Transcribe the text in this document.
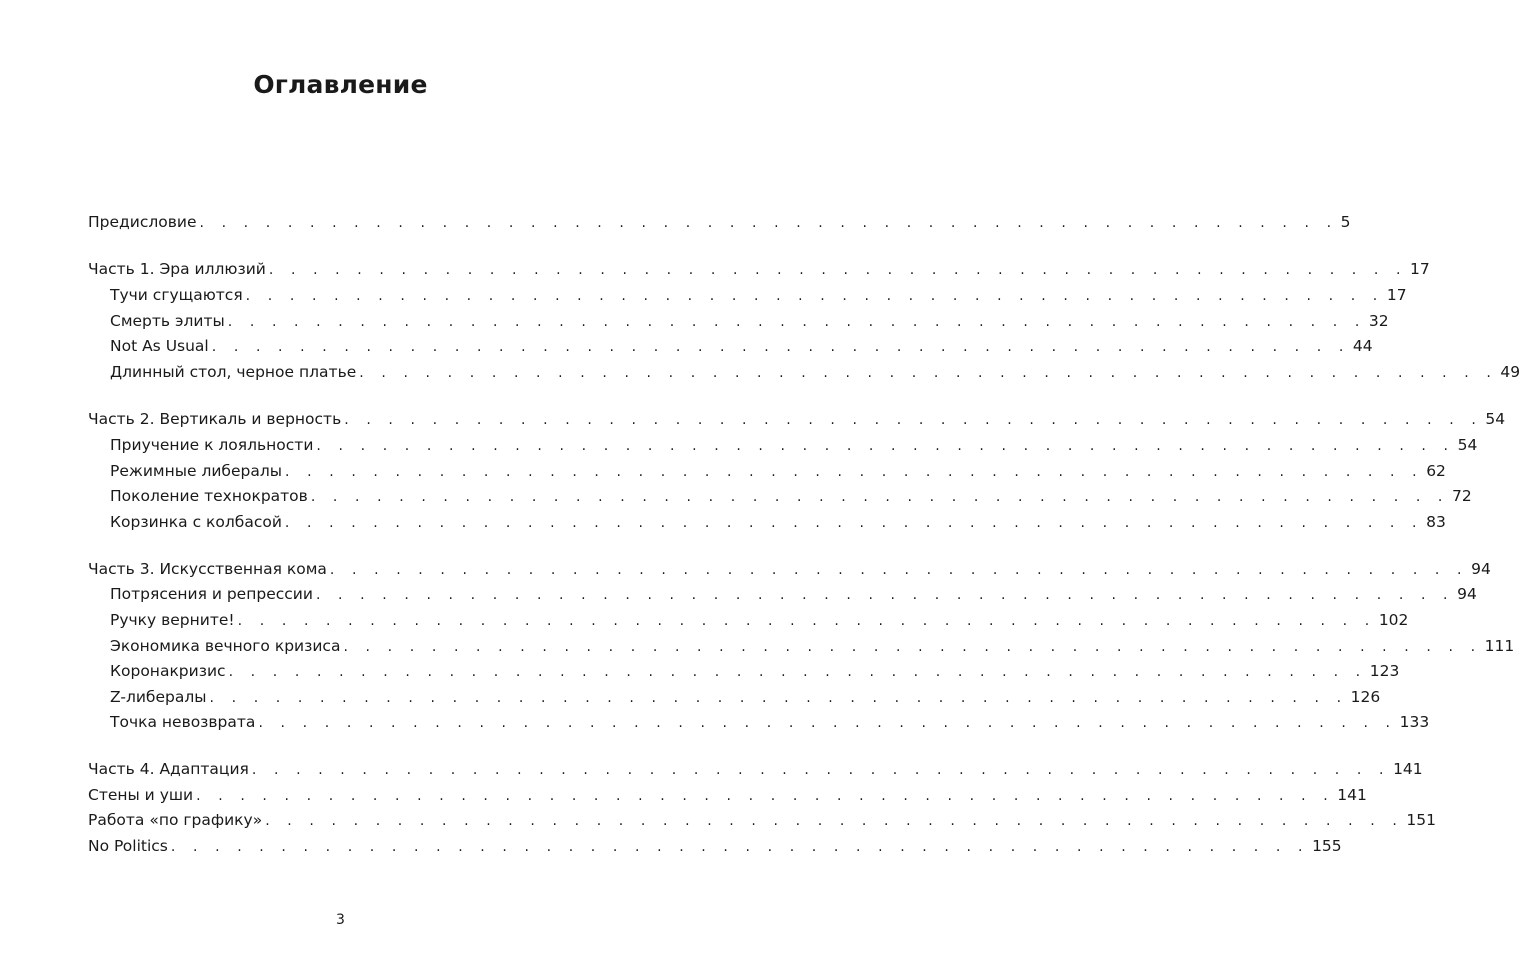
Оглавление
Предисловие . . . . . . . . . . . . . . . . . . . . . . . . . . . . . . . . . . . . . . . . . . . . . . . . . . . . 5
Часть 1. Эра иллюзий . . . . . . . . . . . . . . . . . . . . . . . . . . . . . . . . . . . . . . . . . . . . . . . . . . . . 17
Тучи сгущаются . . . . . . . . . . . . . . . . . . . . . . . . . . . . . . . . . . . . . . . . . . . . . . . . . . . . 17
Смерть элиты . . . . . . . . . . . . . . . . . . . . . . . . . . . . . . . . . . . . . . . . . . . . . . . . . . . . 32
Not As Usual . . . . . . . . . . . . . . . . . . . . . . . . . . . . . . . . . . . . . . . . . . . . . . . . . . . . 44
Длинный стол, черное платье . . . . . . . . . . . . . . . . . . . . . . . . . . . . . . . . . . . . . . . . . . . . . . . . . . . . 49
Часть 2. Вертикаль и верность . . . . . . . . . . . . . . . . . . . . . . . . . . . . . . . . . . . . . . . . . . . . . . . . . . . . 54
Приучение к лояльности . . . . . . . . . . . . . . . . . . . . . . . . . . . . . . . . . . . . . . . . . . . . . . . . . . . . 54
Режимные либералы . . . . . . . . . . . . . . . . . . . . . . . . . . . . . . . . . . . . . . . . . . . . . . . . . . . . 62
Поколение технократов . . . . . . . . . . . . . . . . . . . . . . . . . . . . . . . . . . . . . . . . . . . . . . . . . . . . 72
Корзинка с колбасой . . . . . . . . . . . . . . . . . . . . . . . . . . . . . . . . . . . . . . . . . . . . . . . . . . . . 83
Часть 3. Искусственная кома . . . . . . . . . . . . . . . . . . . . . . . . . . . . . . . . . . . . . . . . . . . . . . . . . . . . 94
Потрясения и репрессии . . . . . . . . . . . . . . . . . . . . . . . . . . . . . . . . . . . . . . . . . . . . . . . . . . . . 94
Ручку верните! . . . . . . . . . . . . . . . . . . . . . . . . . . . . . . . . . . . . . . . . . . . . . . . . . . . . 102
Экономика вечного кризиса . . . . . . . . . . . . . . . . . . . . . . . . . . . . . . . . . . . . . . . . . . . . . . . . . . . . 111
Коронакризис . . . . . . . . . . . . . . . . . . . . . . . . . . . . . . . . . . . . . . . . . . . . . . . . . . . . 123
Z-либералы . . . . . . . . . . . . . . . . . . . . . . . . . . . . . . . . . . . . . . . . . . . . . . . . . . . . 126
Точка невозврата . . . . . . . . . . . . . . . . . . . . . . . . . . . . . . . . . . . . . . . . . . . . . . . . . . . . 133
Часть 4. Адаптация . . . . . . . . . . . . . . . . . . . . . . . . . . . . . . . . . . . . . . . . . . . . . . . . . . . . 141
Стены и уши . . . . . . . . . . . . . . . . . . . . . . . . . . . . . . . . . . . . . . . . . . . . . . . . . . . . 141
Работа «по графику» . . . . . . . . . . . . . . . . . . . . . . . . . . . . . . . . . . . . . . . . . . . . . . . . . . . . 151
No Politics . . . . . . . . . . . . . . . . . . . . . . . . . . . . . . . . . . . . . . . . . . . . . . . . . . . . 155
3
